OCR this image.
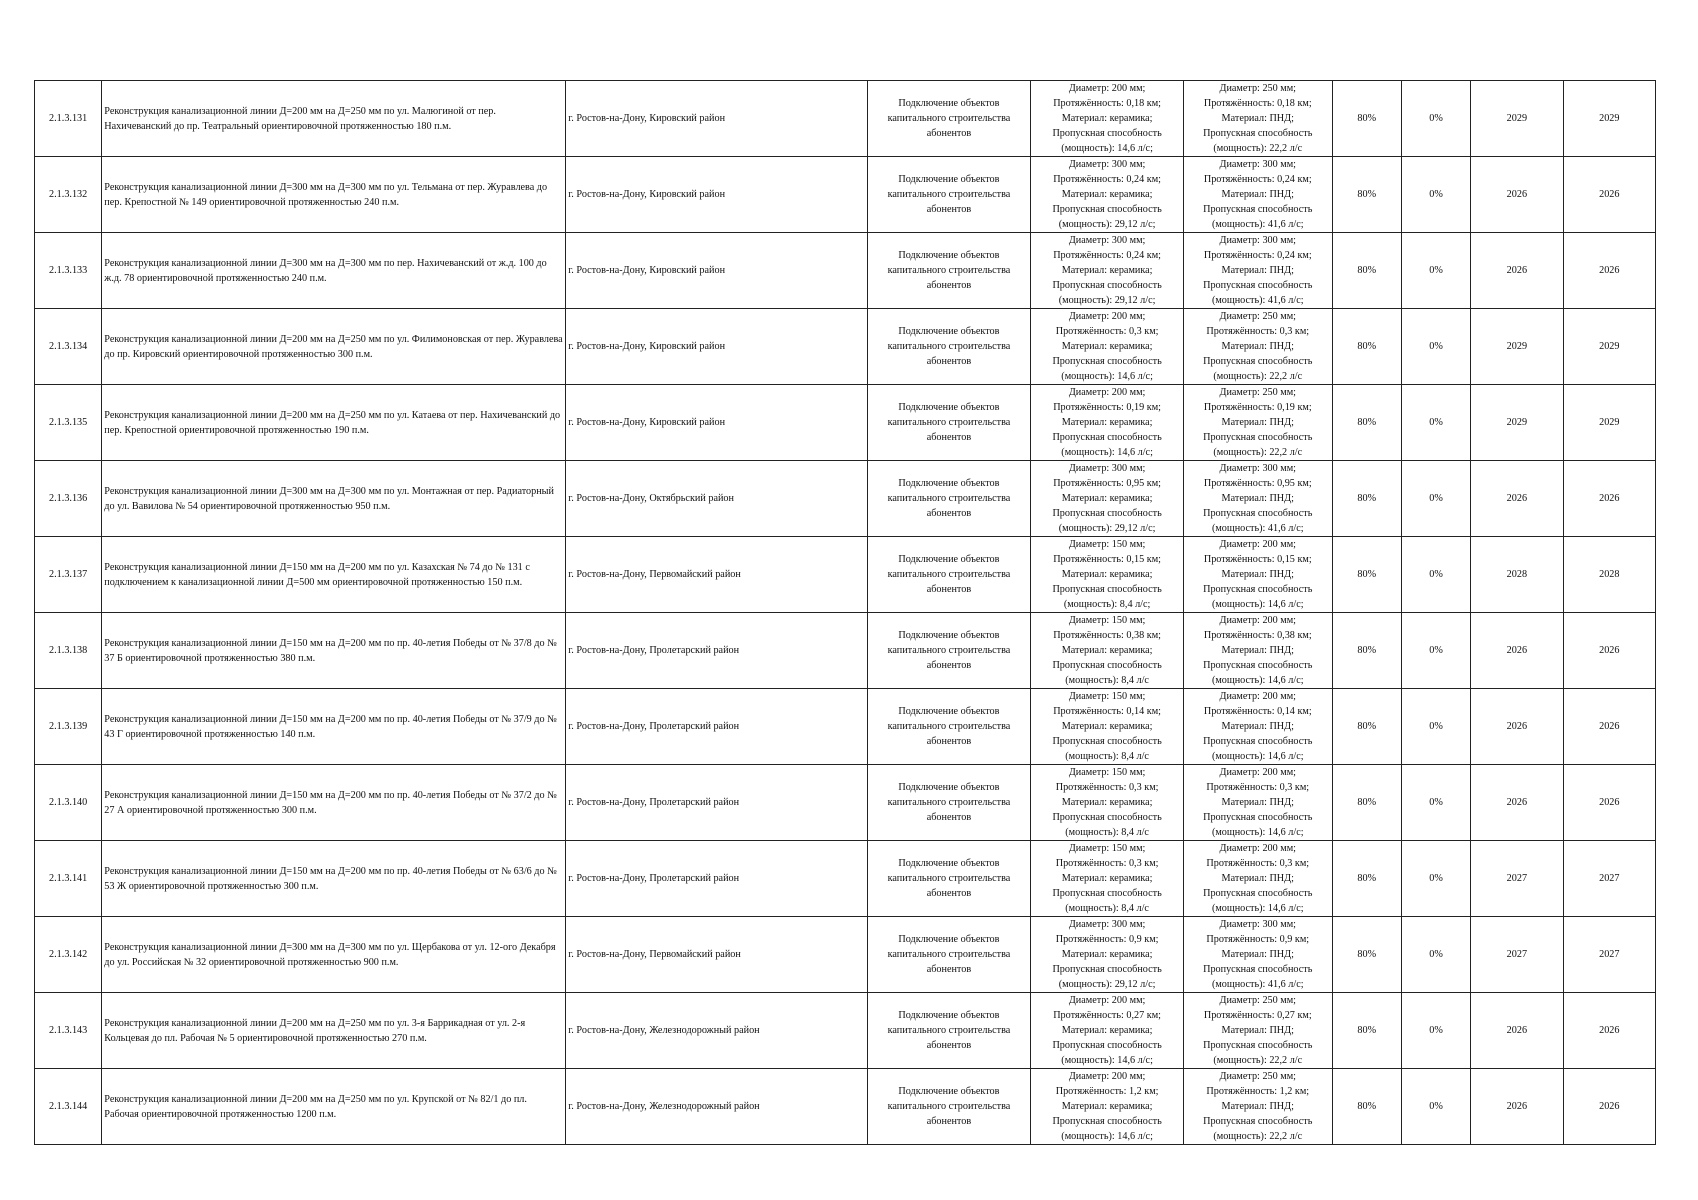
2.1.3.131	Реконструкция канализационной линии Д=200 мм на Д=250 мм по ул. Малюгиной от пер. Нахичеванский до пр. Театральный ориентировочной протяженностью 180 п.м.	г. Ростов-на-Дону, Кировский район	Подключение объектов капитального строительства абонентов	Диаметр: 200 мм;
Протяжённость: 0,18 км;
Материал: керамика;
Пропускная способность
(мощность): 14,6 л/с;	Диаметр: 250 мм;
Протяжённость: 0,18 км;
Материал: ПНД;
Пропускная способность
(мощность): 22,2 л/с	80%	0%	2029	2029
2.1.3.132	Реконструкция канализационной линии Д=300 мм на Д=300 мм по ул. Тельмана от пер. Журавлева до пер. Крепостной № 149 ориентировочной протяженностью 240 п.м.	г. Ростов-на-Дону, Кировский район	Подключение объектов капитального строительства абонентов	Диаметр: 300 мм;
Протяжённость: 0,24 км;
Материал: керамика;
Пропускная способность
(мощность): 29,12 л/с;	Диаметр: 300 мм;
Протяжённость: 0,24 км;
Материал: ПНД;
Пропускная способность
(мощность): 41,6 л/с;	80%	0%	2026	2026
2.1.3.133	Реконструкция канализационной линии Д=300 мм на Д=300 мм по пер. Нахичеванский от ж.д. 100 до ж.д. 78 ориентировочной протяженностью 240 п.м.	г. Ростов-на-Дону, Кировский район	Подключение объектов капитального строительства абонентов	Диаметр: 300 мм;
Протяжённость: 0,24 км;
Материал: керамика;
Пропускная способность
(мощность): 29,12 л/с;	Диаметр: 300 мм;
Протяжённость: 0,24 км;
Материал: ПНД;
Пропускная способность
(мощность): 41,6 л/с;	80%	0%	2026	2026
2.1.3.134	Реконструкция канализационной линии Д=200 мм на Д=250 мм по ул. Филимоновская от пер. Журавлева до пр. Кировский ориентировочной протяженностью 300 п.м.	г. Ростов-на-Дону, Кировский район	Подключение объектов капитального строительства абонентов	Диаметр: 200 мм;
Протяжённость: 0,3 км;
Материал: керамика;
Пропускная способность
(мощность): 14,6 л/с;	Диаметр: 250 мм;
Протяжённость: 0,3 км;
Материал: ПНД;
Пропускная способность
(мощность): 22,2 л/с	80%	0%	2029	2029
2.1.3.135	Реконструкция канализационной линии Д=200 мм на Д=250 мм по ул. Катаева от пер. Нахичеванский до пер. Крепостной ориентировочной протяженностью 190 п.м.	г. Ростов-на-Дону, Кировский район	Подключение объектов капитального строительства абонентов	Диаметр: 200 мм;
Протяжённость: 0,19 км;
Материал: керамика;
Пропускная способность
(мощность): 14,6 л/с;	Диаметр: 250 мм;
Протяжённость: 0,19 км;
Материал: ПНД;
Пропускная способность
(мощность): 22,2 л/с	80%	0%	2029	2029
2.1.3.136	Реконструкция канализационной линии Д=300 мм на Д=300 мм по ул. Монтажная от пер. Радиаторный до ул. Вавилова № 54 ориентировочной протяженностью 950 п.м.	г. Ростов-на-Дону, Октябрьский район	Подключение объектов капитального строительства абонентов	Диаметр: 300 мм;
Протяжённость: 0,95 км;
Материал: керамика;
Пропускная способность
(мощность): 29,12 л/с;	Диаметр: 300 мм;
Протяжённость: 0,95 км;
Материал: ПНД;
Пропускная способность
(мощность): 41,6 л/с;	80%	0%	2026	2026
2.1.3.137	Реконструкция канализационной линии Д=150 мм на Д=200 мм по ул. Казахская № 74 до № 131 с подключением к канализационной линии Д=500 мм ориентировочной протяженностью 150 п.м.	г. Ростов-на-Дону, Первомайский район	Подключение объектов капитального строительства абонентов	Диаметр: 150 мм;
Протяжённость: 0,15 км;
Материал: керамика;
Пропускная способность
(мощность): 8,4 л/с;	Диаметр: 200 мм;
Протяжённость: 0,15 км;
Материал: ПНД;
Пропускная способность
(мощность): 14,6 л/с;	80%	0%	2028	2028
2.1.3.138	Реконструкция канализационной линии Д=150 мм на Д=200 мм по пр. 40-летия Победы от № 37/8 до № 37 Б ориентировочной протяженностью 380 п.м.	г. Ростов-на-Дону, Пролетарский район	Подключение объектов капитального строительства абонентов	Диаметр: 150 мм;
Протяжённость: 0,38 км;
Материал: керамика;
Пропускная способность
(мощность): 8,4 л/с	Диаметр: 200 мм;
Протяжённость: 0,38 км;
Материал: ПНД;
Пропускная способность
(мощность): 14,6 л/с;	80%	0%	2026	2026
2.1.3.139	Реконструкция канализационной линии Д=150 мм на Д=200 мм по пр. 40-летия Победы от № 37/9 до № 43 Г ориентировочной протяженностью 140 п.м.	г. Ростов-на-Дону, Пролетарский район	Подключение объектов капитального строительства абонентов	Диаметр: 150 мм;
Протяжённость: 0,14 км;
Материал: керамика;
Пропускная способность
(мощность): 8,4 л/с	Диаметр: 200 мм;
Протяжённость: 0,14 км;
Материал: ПНД;
Пропускная способность
(мощность): 14,6 л/с;	80%	0%	2026	2026
2.1.3.140	Реконструкция канализационной линии Д=150 мм на Д=200 мм по пр. 40-летия Победы от № 37/2 до № 27 А ориентировочной протяженностью 300 п.м.	г. Ростов-на-Дону, Пролетарский район	Подключение объектов капитального строительства абонентов	Диаметр: 150 мм;
Протяжённость: 0,3 км;
Материал: керамика;
Пропускная способность
(мощность): 8,4 л/с	Диаметр: 200 мм;
Протяжённость: 0,3 км;
Материал: ПНД;
Пропускная способность
(мощность): 14,6 л/с;	80%	0%	2026	2026
2.1.3.141	Реконструкция канализационной линии Д=150 мм на Д=200 мм по пр. 40-летия Победы от № 63/6 до № 53 Ж ориентировочной протяженностью 300 п.м.	г. Ростов-на-Дону, Пролетарский район	Подключение объектов капитального строительства абонентов	Диаметр: 150 мм;
Протяжённость: 0,3 км;
Материал: керамика;
Пропускная способность
(мощность): 8,4 л/с	Диаметр: 200 мм;
Протяжённость: 0,3 км;
Материал: ПНД;
Пропускная способность
(мощность): 14,6 л/с;	80%	0%	2027	2027
2.1.3.142	Реконструкция канализационной линии Д=300 мм на Д=300 мм по ул. Щербакова от ул. 12-ого Декабря до ул. Российская № 32 ориентировочной протяженностью 900 п.м.	г. Ростов-на-Дону, Первомайский район	Подключение объектов капитального строительства абонентов	Диаметр: 300 мм;
Протяжённость: 0,9 км;
Материал: керамика;
Пропускная способность
(мощность): 29,12 л/с;	Диаметр: 300 мм;
Протяжённость: 0,9 км;
Материал: ПНД;
Пропускная способность
(мощность): 41,6 л/с;	80%	0%	2027	2027
2.1.3.143	Реконструкция канализационной линии Д=200 мм на Д=250 мм по ул. 3-я Баррикадная от ул. 2-я Кольцевая до пл. Рабочая № 5 ориентировочной протяженностью 270 п.м.	г. Ростов-на-Дону, Железнодорожный район	Подключение объектов капитального строительства абонентов	Диаметр: 200 мм;
Протяжённость: 0,27 км;
Материал: керамика;
Пропускная способность
(мощность): 14,6 л/с;	Диаметр: 250 мм;
Протяжённость: 0,27 км;
Материал: ПНД;
Пропускная способность
(мощность): 22,2 л/с	80%	0%	2026	2026
2.1.3.144	Реконструкция канализационной линии Д=200 мм на Д=250 мм по ул. Крупской от № 82/1 до пл. Рабочая ориентировочной протяженностью 1200 п.м.	г. Ростов-на-Дону, Железнодорожный район	Подключение объектов капитального строительства абонентов	Диаметр: 200 мм;
Протяжённость: 1,2 км;
Материал: керамика;
Пропускная способность
(мощность): 14,6 л/с;	Диаметр: 250 мм;
Протяжённость: 1,2 км;
Материал: ПНД;
Пропускная способность
(мощность): 22,2 л/с	80%	0%	2026	2026
